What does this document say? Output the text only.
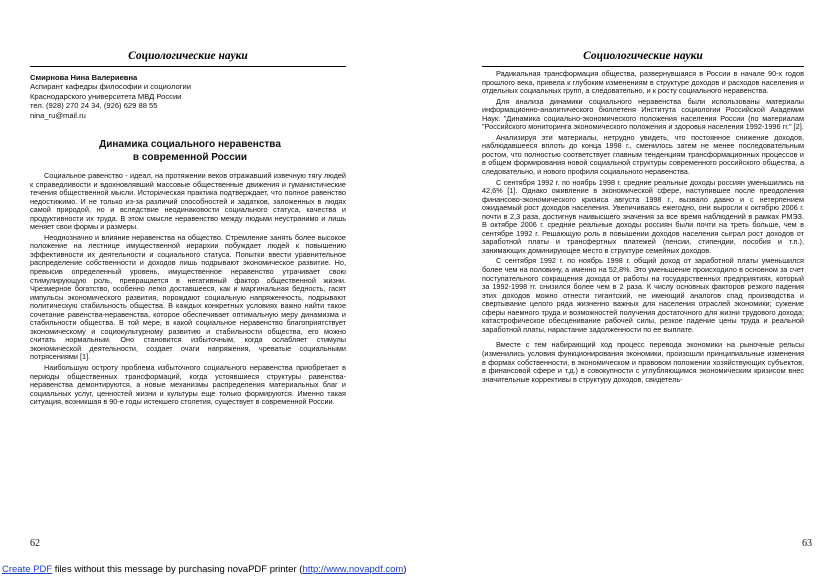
Социологические науки
Смирнова Нина Валериевна
Аспирант кафедры философии и социологии
Краснодарского университета МВД России
тел. (928) 270 24 34, (926) 629 88 55
nina_ru@mail.ru
Динамика социального неравенства
в современной России

Социальное равенство - идеал, на протяжении веков отражавший извечную тягу людей к справедливости и вдохновлявший массовые общественные движения и гуманистические течения общественной мысли. Историческая практика подтверждает, что полное равенство недостижимо. И не только из-за различий способностей и задатков, заложенных в людях самой природой, но и вследствие неодинаковости социального статуса, качества и продуктивности их труда. В этом смысле неравенство между людьми неустранимо и лишь меняет свои формы и размеры.

Неоднозначно и влияние неравенства на общество. Стремление занять более высокое положение на лестнице имущественной иерархии побуждает людей к повышению эффективности их деятельности и социального статуса. Попытки ввести уравнительное распределение собственности и доходов лишь подрывают экономическое развитие. Но, превысив определенный уровень, имущественное неравенство утрачивает свою стимулирующую роль, превращается в негативный фактор общественной жизни. Чрезмерное богатство, особенно легко доставшееся, как и маргинальная бедность, гасят импульсы экономического развития, порождают социальную напряженность, подрывают политическую стабильность общества. В каждых конкретных условиях важно найти такое сочетание равенства-неравенства, которое обеспечивает оптимальную меру динамизма и стабильности общества. В той мере, в какой социальное неравенство благоприятствует экономическому и социокультурному развитию и стабильности общества, его можно считать нормальным. Оно становится избыточным, когда ослабляет стимулы экономической деятельности, создает очаги напряжения, чреватые социальными потрясениями [1].

Наибольшую остроту проблема избыточного социального неравенства приобретает в периоды общественных трансформаций, когда устоявшиеся структуры равенства-неравенства демонтируются, а новые механизмы распределения материальных благ и социальных услуг, ценностей жизни и культуры еще только формируются. Именно такая ситуация, возникшая в 90-е годы истекшего столетия, существует в современной России.

62
Социологические науки

Радикальная трансформация общества, развернувшаяся в России в начале 90-х годов прошлого века, привела к глубоким изменениям в структуре доходов и расходов населения и отдельных социальных групп, а следовательно, и к росту социального неравенства.

Для анализа динамики социального неравенства были использованы материалы информационно-аналитического бюллетеня Института социологии Российской Академии Наук: "Динамика социально-экономического положения населения России (по материалам "Российского мониторинга экономического положения и здоровья населения 1992-1996 гг." [2].

Анализируя эти материалы, нетрудно увидеть, что постоянное снижение доходов, наблюдавшееся вплоть до конца 1998 г., сменилось затем не менее последовательным ростом, что полностью соответствует главным тенденциям трансформационных процессов и в общем формирования новой социальной структуры современного российского общества, а следовательно, и нового профиля социального неравенства.

С сентября 1992 г. по ноябрь 1998 г. средние реальные доходы россиян уменьшились на 42,6% [1]. Однако оживление в экономической сфере, наступившее после преодоления финансово-экономического кризиса августа 1998 г., вызвало давно и с нетерпением ожидаемый рост доходов населения. Увеличиваясь ежегодно, они выросли к октябрю 2006 г. почти в 2,3 раза, достигнув наивысшего значения за все время наблюдений в рамках РМЭЗ. В октябре 2006 г. средние реальные доходы россиян были почти на треть больше, чем в сентябре 1992 г. Решающую роль в повышении доходов населения сыграл рост доходов от заработной платы и трансфертных платежей (пенсии, стипендии, пособия и т.п.), занимающих доминирующее место в структуре семейных доходов.

С сентября 1992 г. по ноябрь 1998 г. общий доход от заработной платы уменьшился более чем на половину, а именно на 52,8%. Это уменьшение происходило в основном за счет поступательного сокращения дохода от работы на государственных предприятиях, который за 1992-1998 гг. снизился более чем в 2 раза. К числу основных факторов резкого падения этих доходов можно отнести гигантский, не имеющий аналогов спад производства и свертывание целого ряда жизненно важных для населения отраслей экономики; сужение сферы наемного труда и возможностей получения достаточного для жизни трудового дохода; катастрофическое обесценивание рабочей силы, резкое падение цены труда и реальной заработной платы, нарастание задолженности по ее выплате.

Вместе с тем набирающий ход процесс перевода экономики на рыночные рельсы (изменились условия функционирования экономики, произошли принципиальные изменения в формах собственности, в экономическом и правовом положении хозяйствующих субъектов, в финансовой сфере и т.д.) в совокупности с углубляющимся экономическим кризисом внес значительные коррективы в структуру доходов, свидетель-

63
Create PDF files without this message by purchasing novaPDF printer (http://www.novapdf.com)
